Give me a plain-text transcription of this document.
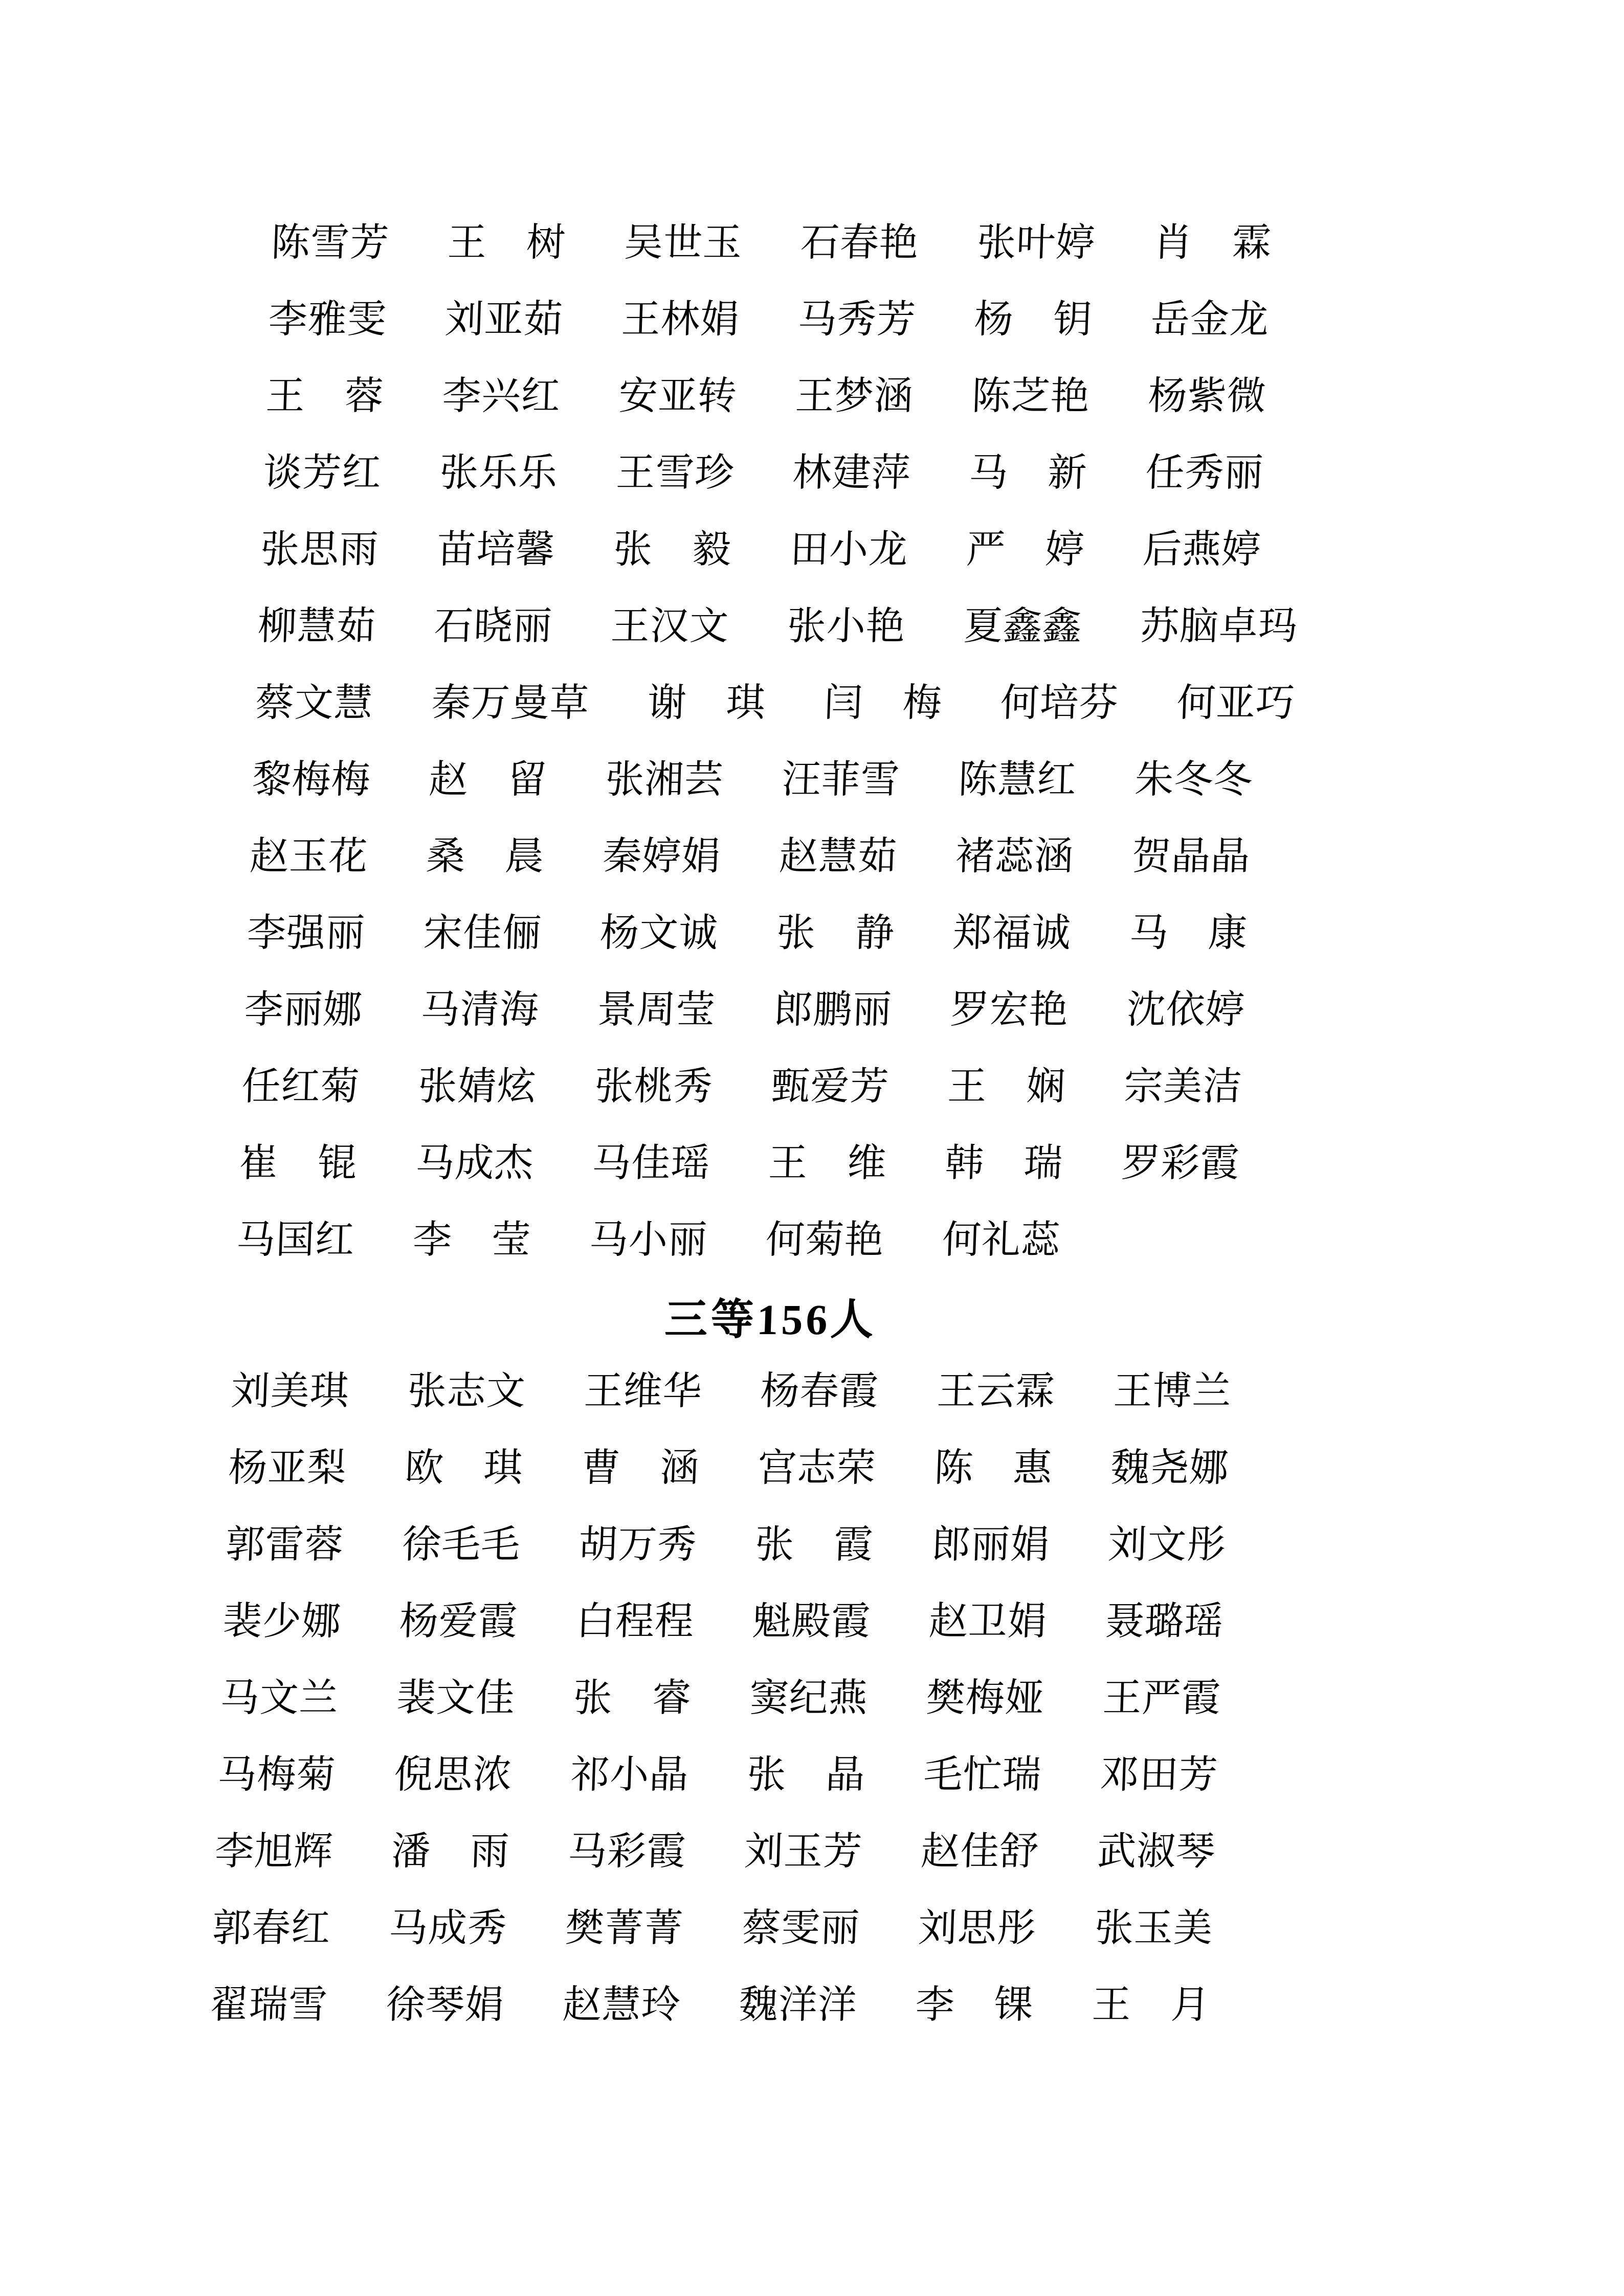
陈雪芳 王　树 吴世玉 石春艳 张叶婷 肖　霖
李雅雯 刘亚茹 王林娟 马秀芳 杨　钥 岳金龙
王　蓉 李兴红 安亚转 王梦涵 陈芝艳 杨紫微
谈芳红 张乐乐 王雪珍 林建萍 马　新 任秀丽
张思雨 苗培馨 张　毅 田小龙 严　婷 后燕婷
柳慧茹 石晓丽 王汉文 张小艳 夏鑫鑫 苏脑卓玛
蔡文慧 秦万曼草 谢　琪 闫　梅 何培芬 何亚巧
黎梅梅 赵　留 张湘芸 汪菲雪 陈慧红 朱冬冬
赵玉花 桑　晨 秦婷娟 赵慧茹 褚蕊涵 贺晶晶
李强丽 宋佳俪 杨文诚 张　静 郑福诚 马　康
李丽娜 马清海 景周莹 郎鹏丽 罗宏艳 沈依婷
任红菊 张婧炫 张桃秀 甄爱芳 王　娴 宗美洁
崔　锟 马成杰 马佳瑶 王　维 韩　瑞 罗彩霞
马国红 李　莹 马小丽 何菊艳 何礼蕊
三等156人
刘美琪 张志文 王维华 杨春霞 王云霖 王博兰
杨亚梨 欧　琪 曹　涵 宫志荣 陈　惠 魏尧娜
郭雷蓉 徐毛毛 胡万秀 张　霞 郎丽娟 刘文彤
裴少娜 杨爱霞 白程程 魁殿霞 赵卫娟 聂璐瑶
马文兰 裴文佳 张　睿 窦纪燕 樊梅娅 王严霞
马梅菊 倪思浓 祁小晶 张　晶 毛忙瑞 邓田芳
李旭辉 潘　雨 马彩霞 刘玉芳 赵佳舒 武淑琴
郭春红 马成秀 樊菁菁 蔡雯丽 刘思彤 张玉美
翟瑞雪 徐琴娟 赵慧玲 魏洋洋 李　锞 王　月
